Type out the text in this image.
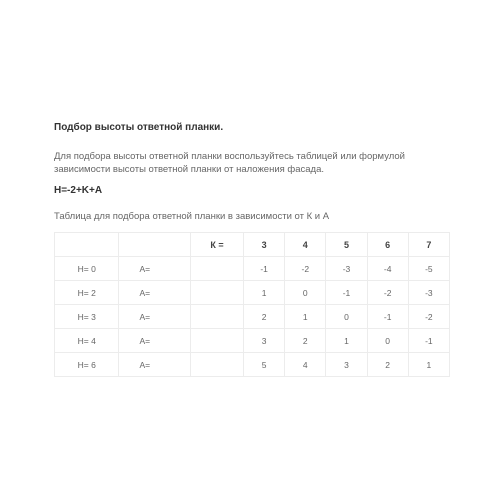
Подбор высоты ответной планки.
Для подбора высоты ответной планки воспользуйтесь таблицей или формулой зависимости высоты ответной планки от наложения фасада.
Н=-2+K+A
Таблица для подбора ответной планки в зависимости от К и А
		К =	3	4	5	6	7
Н= 0	А=		-1	-2	-3	-4	-5
Н= 2	А=		1	0	-1	-2	-3
Н= 3	А=		2	1	0	-1	-2
Н= 4	А=		3	2	1	0	-1
Н= 6	А=		5	4	3	2	1
